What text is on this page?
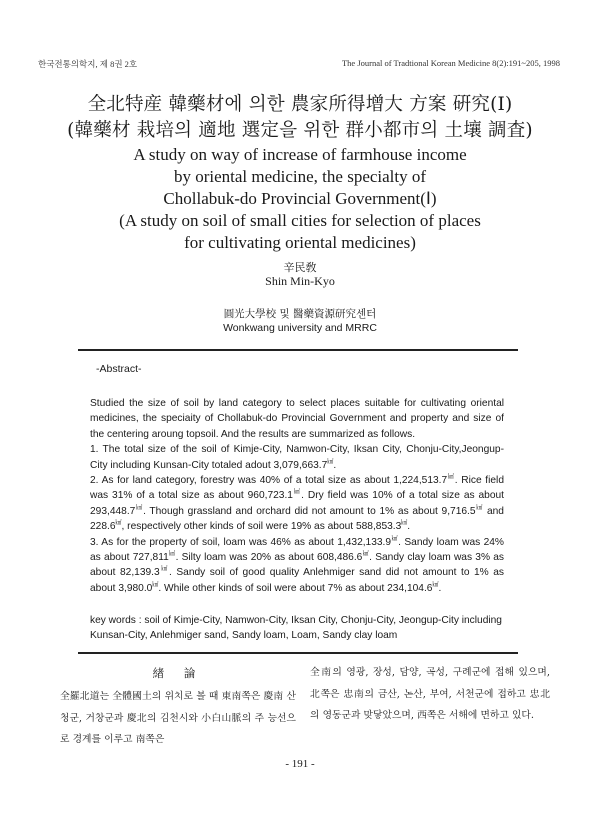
한국전통의학지, 제 8권 2호	The Journal of Tradtional Korean Medicine 8(2):191~205, 1998
全北特産 韓藥材에 의한 農家所得增大 方案 硏究(Ⅰ)
(韓藥材 栽培의 適地 選定을 위한 群小都市의 土壤 調査)
A study on way of increase of farmhouse income
by oriental medicine, the specialty of
Chollabuk-do Provincial Government(Ⅰ)
(A study on soil of small cities for selection of places
for cultivating oriental medicines)
辛民敎
Shin Min-Kyo
圓光大學校 및 醫藥資源研究센터
Wonkwang university and MRRC
-Abstract-

Studied the size of soil by land category to select places suitable for cultivating oriental medicines, the speciaity of Chollabuk-do Provincial Government and property and size of the centering aroung topsoil. And the results are summarized as follows.

1. The total size of the soil of Kimje-City, Namwon-City, Iksan City, Chonju-City,Jeongup-City including Kunsan-City totaled adout 3,079,663.7㎢.

2. As for land category, forestry was 40% of a total size as about 1,224,513.7㎢. Rice field was 31% of a total size as about 960,723.1㎢. Dry field was 10% of a total size as about 293,448.7㎢. Though grassland and orchard did not amount to 1% as about 9,716.5㎢ and 228.6㎢, respectively other kinds of soil were 19% as about 588,853.3㎢.

3. As for the property of soil, loam was 46% as about 1,432,133.9㎢. Sandy loam was 24% as about 727,811㎢. Silty loam was 20% as about 608,486.6㎢. Sandy clay loam was 3% as about 82,139.3㎢. Sandy soil of good quality Anlehmiger sand did not amount to 1% as about 3,980.0㎢. While other kinds of soil were about 7% as about 234,104.6㎢.

key words : soil of Kimje-City, Namwon-City, Iksan City, Chonju-City, Jeongup-City including Kunsan-City, Anlehmiger sand, Sandy loam, Loam, Sandy clay loam
緖 論
全羅北道는 全體國土의 위치로 볼 때 東南쪽은 慶南 산청군, 거창군과 慶北의 김천시와 小白山脈의 주 능선으로 경계를 이루고 南쪽은
全南의 영광, 장성, 담양, 곡성, 구례군에 접해 있으며, 北쪽은 忠南의 금산, 논산, 부여, 서천군에 접하고 忠北의 영동군과 맞닿았으며, 西쪽은 서해에 면하고 있다.
- 191 -
